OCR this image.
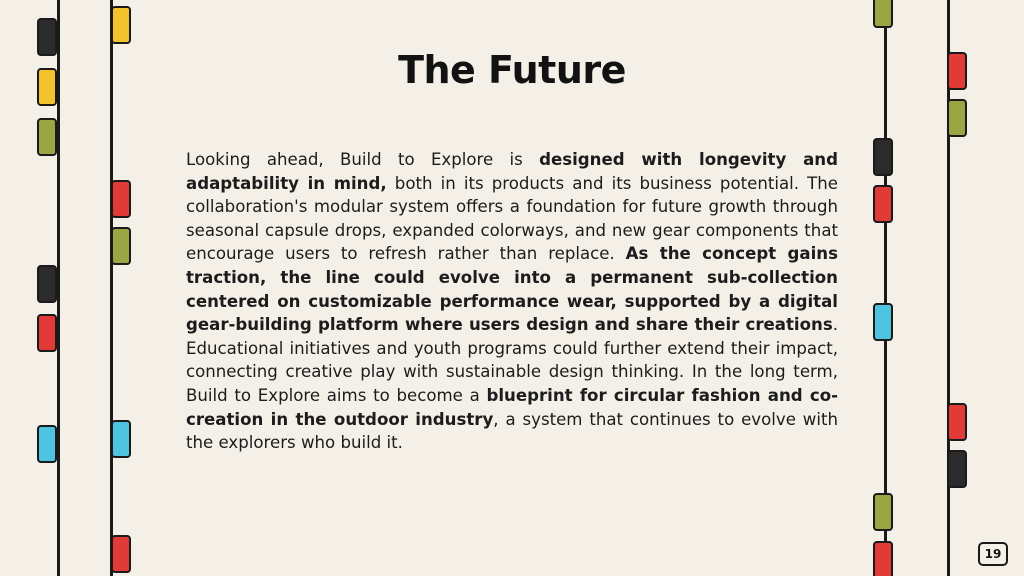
The Future
Looking ahead, Build to Explore is designed with longevity and adaptability in mind, both in its products and its business potential. The collaboration's modular system offers a foundation for future growth through seasonal capsule drops, expanded colorways, and new gear components that encourage users to refresh rather than replace. As the concept gains traction, the line could evolve into a permanent sub-collection centered on customizable performance wear, supported by a digital gear-building platform where users design and share their creations. Educational initiatives and youth programs could further extend their impact, connecting creative play with sustainable design thinking. In the long term, Build to Explore aims to become a blueprint for circular fashion and co-creation in the outdoor industry, a system that continues to evolve with the explorers who build it.
19
